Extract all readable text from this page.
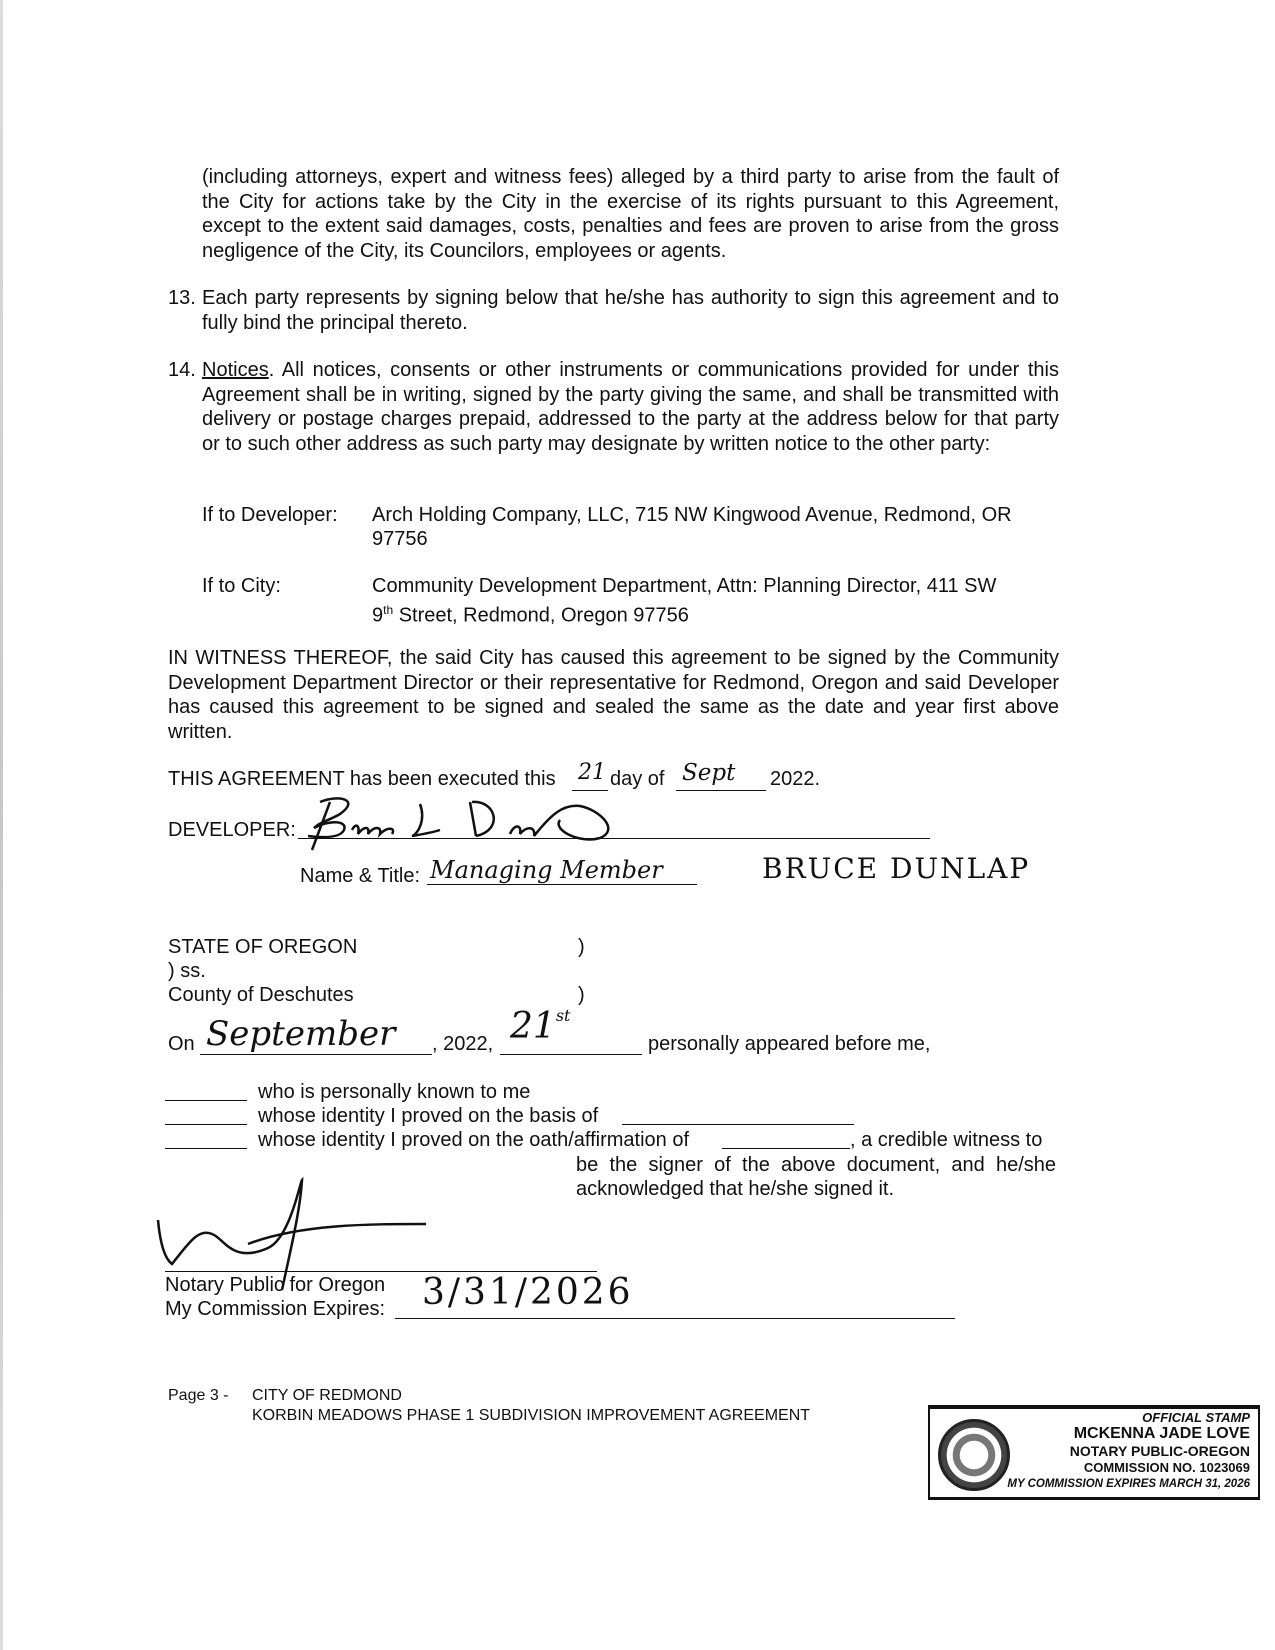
(including attorneys, expert and witness fees) alleged by a third party to arise from the fault of the City for actions take by the City in the exercise of its rights pursuant to this Agreement, except to the extent said damages, costs, penalties and fees are proven to arise from the gross negligence of the City, its Councilors, employees or agents.
13. Each party represents by signing below that he/she has authority to sign this agreement and to fully bind the principal thereto.
14. Notices. All notices, consents or other instruments or communications provided for under this Agreement shall be in writing, signed by the party giving the same, and shall be transmitted with delivery or postage charges prepaid, addressed to the party at the address below for that party or to such other address as such party may designate by written notice to the other party:
If to Developer: Arch Holding Company, LLC, 715 NW Kingwood Avenue, Redmond, OR
97756
If to City:	Community Development Department, Attn: Planning Director, 411 SW
9th Street, Redmond, Oregon 97756
IN WITNESS THEREOF, the said City has caused this agreement to be signed by the Community Development Department Director or their representative for Redmond, Oregon and said Developer has caused this agreement to be signed and sealed the same as the date and year first above written.
THIS AGREEMENT has been executed this 21 day of Sept 2022.
DEVELOPER:
Name & Title: Managing Member	BRUCE DUNLAP
STATE OF OREGON	)
) ss.
County of Deschutes	)
On September , 2022, 21st
personally appeared before me,
who is personally known to me
whose identity I proved on the basis of
whose identity I proved on the oath/affirmation of	, a credible witness to
be the signer of the above document, and he/she
acknowledged that he/she signed it.
Notary Public for Oregon
My Commission Expires: 3/31/2026
Page 3 - CITY OF REDMOND
KORBIN MEADOWS PHASE 1 SUBDIVISION IMPROVEMENT AGREEMENT	OFFICIAL STAMP
MCKENNA JADE LOVE
NOTARY PUBLIC-OREGON
COMMISSION NO. 1023069
MY COMMISSION EXPIRES MARCH 31, 2026
